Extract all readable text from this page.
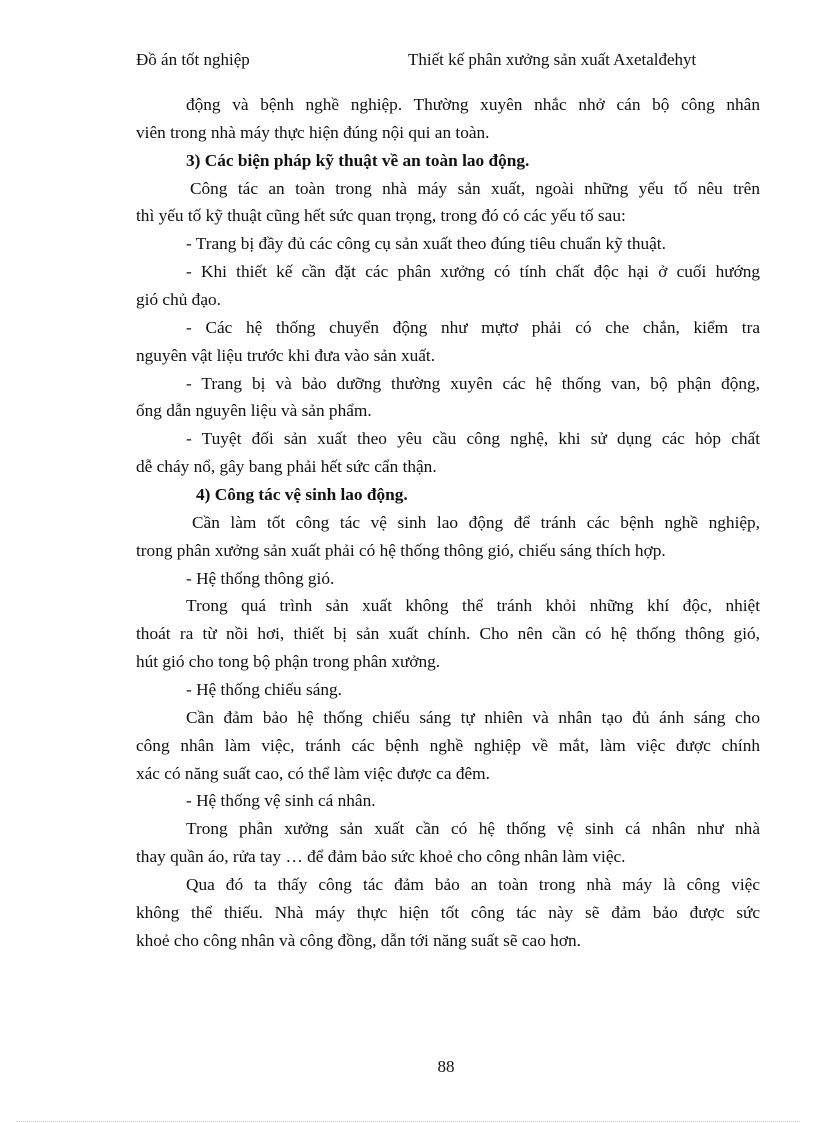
Đồ án tốt nghiệp	Thiết kế phân xưởng sản xuất Axetalđehyt
động và bệnh nghề nghiệp. Thường xuyên nhắc nhở cán bộ công nhân
viên trong nhà máy thực hiện đúng nội qui an toàn.
3) Các biện pháp kỹ thuật về an toàn lao động.
Công tác an toàn trong nhà máy sản xuất, ngoài những yếu tố nêu trên
thì yếu tố kỹ thuật cũng hết sức quan trọng, trong đó có các yếu tố sau:
- Trang bị đầy đủ các công cụ sản xuất theo đúng tiêu chuẩn kỹ thuật.
- Khi thiết kế cần đặt các phân xưởng có tính chất độc hại ở cuối hướng
gió chủ đạo.
- Các hệ thống chuyển động như mựtơ phải có che chắn, kiểm tra
nguyên vật liệu trước khi đưa vào sản xuất.
- Trang bị và bảo dưỡng thường xuyên các hệ thống van, bộ phận động,
ống dẫn nguyên liệu và sản phẩm.
- Tuyệt đối sản xuất theo yêu cầu công nghệ, khi sử dụng các hỏp chất
dễ cháy nổ, gây bang phải hết sức cẩn thận.
4) Công tác vệ sinh lao động.
Cần làm tốt công tác vệ sinh lao động để tránh các bệnh nghề nghiệp,
trong phân xưởng sản xuất phải có hệ thống thông gió, chiếu sáng thích hợp.
- Hệ thống thông gió.
Trong quá trình sản xuất không thể tránh khỏi những khí độc, nhiệt
thoát ra từ nồi hơi, thiết bị sản xuất chính. Cho nên cần có hệ thống thông gió,
hút gió cho tong bộ phận trong phân xưởng.
- Hệ thống chiếu sáng.
Cần đảm bảo hệ thống chiếu sáng tự nhiên và nhân tạo đủ ánh sáng cho
công nhân làm việc, tránh các bệnh nghề nghiệp về mắt, làm việc được chính
xác có năng suất cao, có thể làm việc được ca đêm.
- Hệ thống vệ sinh cá nhân.
Trong phân xưởng sản xuất cần có hệ thống vệ sinh cá nhân như nhà
thay quần áo, rửa tay … để đảm bảo sức khoẻ cho công nhân làm việc.
Qua đó ta thấy công tác đảm bảo an toàn trong nhà máy là công việc
không thể thiếu. Nhà máy thực hiện tốt công tác này sẽ đảm bảo được sức
khoẻ cho công nhân và công đồng, dẫn tới năng suất sẽ cao hơn.
88
